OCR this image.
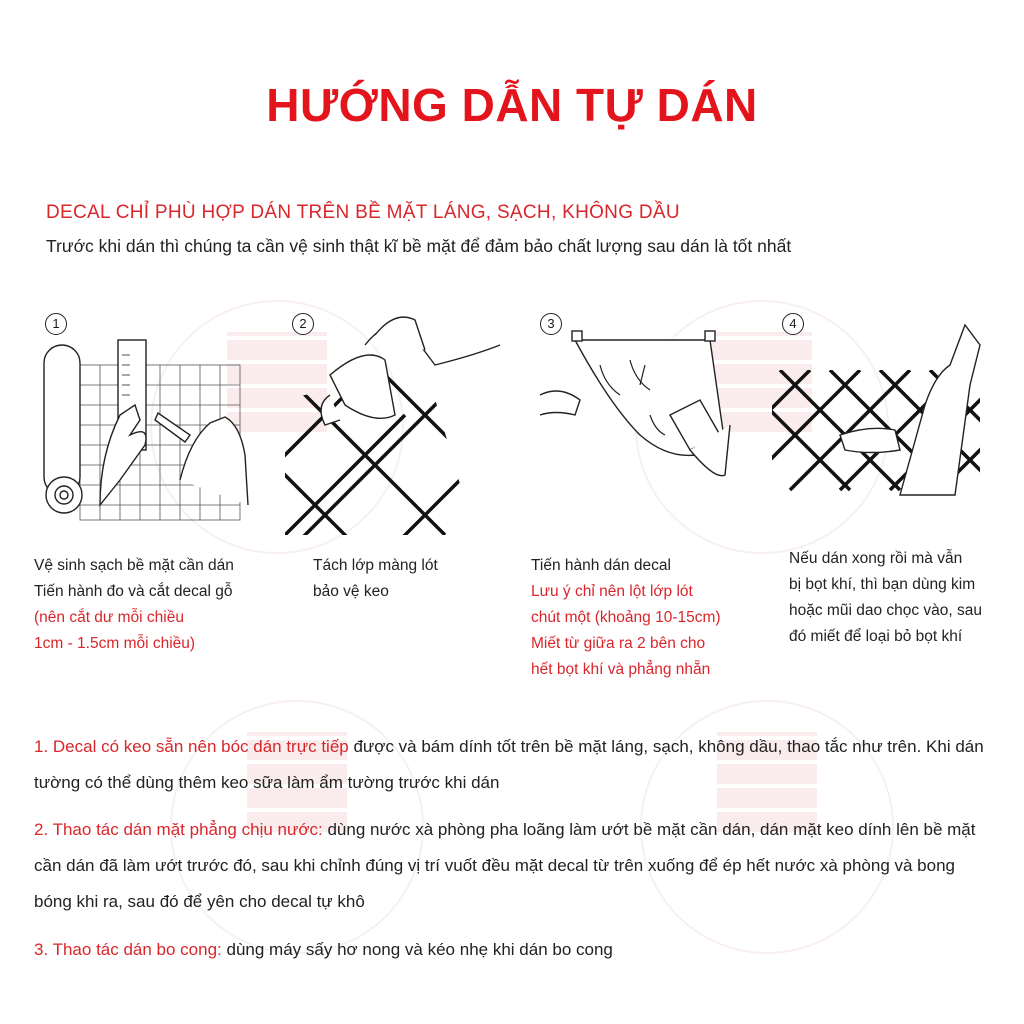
HƯỚNG DẪN TỰ DÁN
DECAL CHỈ PHÙ HỢP DÁN TRÊN BỀ MẶT LÁNG, SẠCH, KHÔNG DẦU
Trước khi dán thì chúng ta cần vệ sinh thật kĩ bề mặt để đảm bảo chất lượng sau dán là tốt nhất
1	2	3	4
Vệ sinh sạch bề mặt cần dán
Tiến hành đo và cắt decal gỗ
(nên cắt dư mỗi chiều
1cm - 1.5cm mỗi chiều)
Tách lớp màng lót
bảo vệ keo
Tiến hành dán decal
Lưu ý chỉ nên lột lớp lót
chút một (khoảng 10-15cm)
Miết từ giữa ra 2 bên cho
hết bọt khí và phẳng nhẵn
Nếu dán xong rồi mà vẫn
bị bọt khí, thì bạn dùng kim
hoặc mũi dao chọc vào, sau
đó miết để loại bỏ bọt khí
1. Decal có keo sẵn nên bóc dán trực tiếp được và bám dính tốt trên bề mặt láng, sạch, không dầu, thao tắc như trên. Khi dán tường có thể dùng thêm keo sữa làm ẩm tường trước khi dán
2. Thao tác dán mặt phẳng chịu nước: dùng nước xà phòng pha loãng làm ướt bề mặt cần dán, dán mặt keo dính lên bề mặt cần dán đã làm ướt trước đó, sau khi chỉnh đúng vị trí vuốt đều mặt decal từ trên xuống để ép hết nước xà phòng và bong bóng khi ra, sau đó để yên cho decal tự khô
3. Thao tác dán bo cong: dùng máy sấy hơ nong và kéo nhẹ khi dán bo cong
